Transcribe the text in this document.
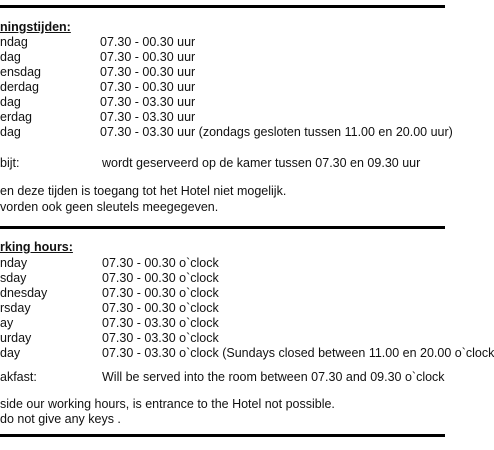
ningstijden:
ndag	07.30 - 00.30 uur
dag	07.30 - 00.30 uur
ensdag	07.30 - 00.30 uur
derdag	07.30 - 00.30 uur
dag	07.30 - 03.30 uur
erdag	07.30 - 03.30 uur
dag	07.30 - 03.30 uur (zondags gesloten tussen 11.00 en 20.00 uur)
bijt:	wordt geserveerd op de kamer tussen 07.30 en 09.30 uur
en deze tijden is toegang tot het Hotel niet mogelijk.
vorden ook geen sleutels meegegeven.
rking hours:
nday	07.30 - 00.30 o`clock
sday	07.30 - 00.30 o`clock
dnesday	07.30 - 00.30 o`clock
rsday	07.30 - 00.30 o`clock
ay	07.30 - 03.30 o`clock
urday	07.30 - 03.30 o`clock
day	07.30 - 03.30 o`clock (Sundays closed between 11.00 en 20.00 o`clock
akfast:	Will be served into the room between 07.30 and 09.30 o`clock
side our working hours, is entrance to the Hotel not possible.
do not give any keys .
